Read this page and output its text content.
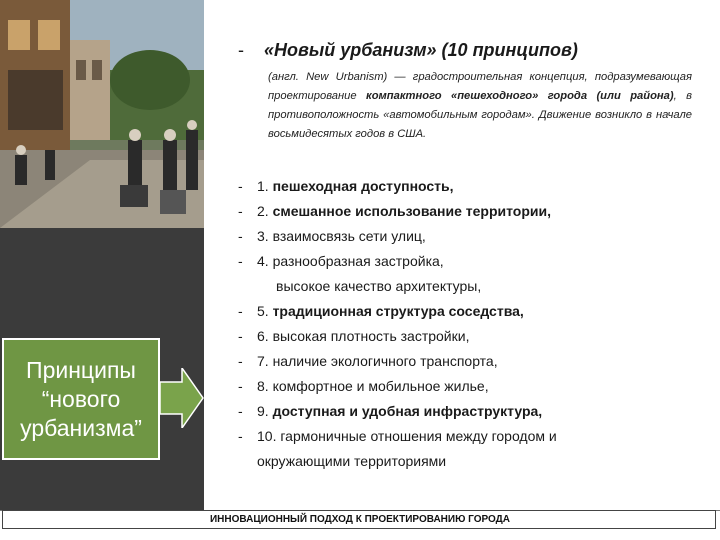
Принципы
“нового
урбанизма”
- «Новый урбанизм» (10 принципов)

(англ. New Urbanism) — градостроительная концепция, подразумевающая проектирование компактного «пешеходного» города (или района), в противоположность «автомобильным городам». Движение возникло в начале восьмидесятых годов в США.

- 1. пешеходная доступность,
- 2. смешанное использование территории,
- 3. взаимосвязь сети улиц,
- 4. разнообразная застройка,
высокое качество архитектуры,
- 5. традиционная структура соседства,
- 6. высокая плотность застройки,
- 7. наличие экологичного транспорта,
- 8. комфортное и мобильное жилье,
- 9. доступная и удобная инфраструктура,
- 10. гармоничные отношения между городом и
окружающими территориями
ИННОВАЦИОННЫЙ ПОДХОД К ПРОЕКТИРОВАНИЮ ГОРОДА
